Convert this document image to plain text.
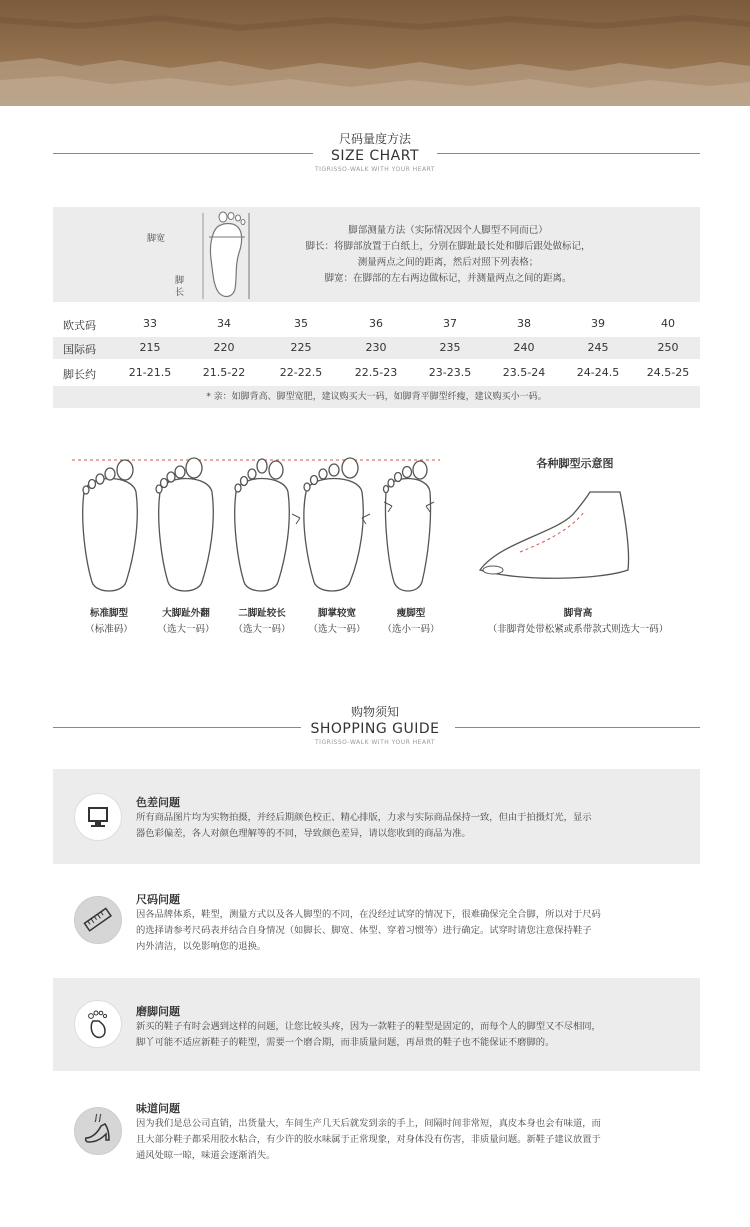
尺码量度方法
SIZE CHART
TIGRISSO-WALK WITH YOUR HEART
脚宽
脚
长
脚部测量方法（实际情况因个人脚型不同而已）
脚长：将脚部放置于白纸上，分别在脚趾最长处和脚后跟处做标记，
测量两点之间的距离，然后对照下列表格；
脚宽：在脚部的左右两边做标记，并测量两点之间的距离。
欧式码	33	34	35	36	37	38	39	40
国际码	215	220	225	230	235	240	245	250
脚长约	21-21.5	21.5-22	22-22.5	22.5-23	23-23.5	23.5-24	24-24.5	24.5-25
* 亲：如脚背高、脚型宽肥，建议购买大一码，如脚背平脚型纤瘦，建议购买小一码。
各种脚型示意图
标准脚型
（标准码）
大脚趾外翻
（选大一码）
二脚趾较长
（选大一码）
脚掌较宽
（选大一码）
瘦脚型
（选小一码）
脚背高
（非脚背处带松紧或系带款式则选大一码）
购物须知
SHOPPING GUIDE
TIGRISSO-WALK WITH YOUR HEART
色差问题
所有商品图片均为实物拍摄，并经后期颜色校正、精心排版，力求与实际商品保持一致，但由于拍摄灯光，显示
器色彩偏差，各人对颜色理解等的不同，导致颜色差异，请以您收到的商品为准。
尺码问题
因各品牌体系，鞋型，测量方式以及各人脚型的不同，在没经过试穿的情况下，很难确保完全合脚，所以对于尺码
的选择请参考尺码表并结合自身情况（如脚长、脚宽、体型、穿着习惯等）进行确定。试穿时请您注意保持鞋子
内外清洁，以免影响您的退换。
磨脚问题
新买的鞋子有时会遇到这样的问题，让您比较头疼，因为一款鞋子的鞋型是固定的，而每个人的脚型又不尽相同，
脚丫可能不适应新鞋子的鞋型，需要一个磨合期，而非质量问题，再昂贵的鞋子也不能保证不磨脚的。
味道问题
因为我们是总公司直销，出货量大，车间生产几天后就发到亲的手上，间隔时间非常短，真皮本身也会有味道，而
且大部分鞋子都采用胶水粘合，有少许的胶水味属于正常现象，对身体没有伤害，非质量问题。新鞋子建议放置于
通风处晾一晾，味道会逐渐消失。
